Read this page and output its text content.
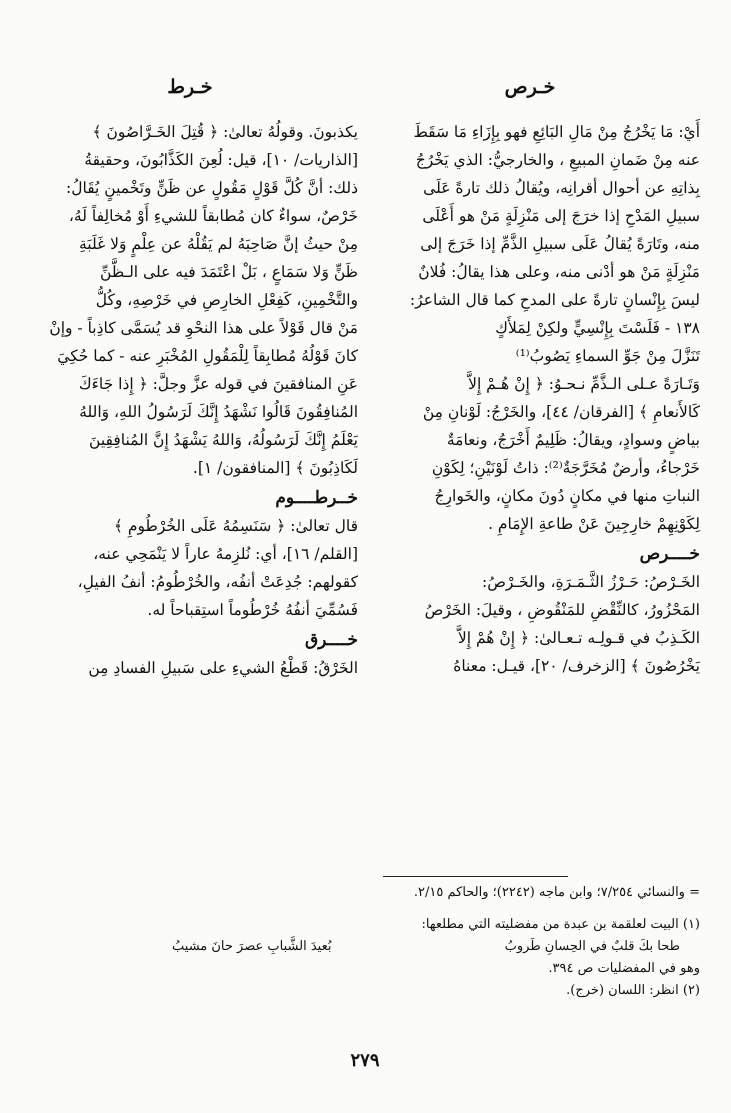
خـرص
خـرط

أَيْ: مَا يَخْرُجُ مِنْ مَالِ البَائِعِ فهو بِإِزَاءِ مَا سَقَطَ

عنه مِنْ ضَمانِ المبيعِ ، والخارجيُّ: الذي يَخْرُجُ

بِذاتِهِ عن أحوال أقرانِه، ويُقالُ ذلك تارةً عَلَى

سبيلِ المَدْحِ إذا خرَجَ إلى مَنْزِلَةٍ مَنْ هو أَعْلَى

منه، وتَارَةً يُقالُ عَلَى سبيلِ الذَّمِّ إذا خَرَجَ إلى

مَنْزِلَةٍ مَنْ هو أدْنى منه، وعلى هذا يقالُ: فُلانٌ

ليسَ بِإِنْسانٍ تارةً على المدحِ كما قال الشاعرُ:

١٣٨ - فَلَسْتَ بِإِنْسِيٍّ ولكِنْ لِمَلأَكٍ

تَنَزَّلَ مِنْ جَوِّ السماءِ يَصُوبُ⁽¹⁾

وَتَـارَةً عـلى الـذَّمِّ نـحـوُ: ﴿ إِنْ هُـمْ إِلاَّ

كَالأَنعامِ ﴾ [الفرقان/ ٤٤]، والخَرْجُ: لَوْنانِ مِنْ

بياضٍ وسوادٍ، ويقالُ: ظَلِيمٌ أَخْرَجُ، ونعامَةٌ

خَرْجاءُ، وأرضٌ مُخَرَّجَةٌ⁽²⁾: ذاتُ لَوْنَيْنِ؛ لِكَوْنِ

النباتِ منها في مكانٍ دُونَ مكانٍ، والخَوارِجُ

لِكَوْنِهِمْ خارِجِينَ عَنْ طاعةِ الإِمَامِ .

خــــرص

الخَـرْصُ: حَـرْزُ الثَّـمَـرَةِ، والخَـرْصُ:

المَحْزُورُ، كالنِّقْضِ للمَنْقُوضِ ، وقيلَ: الخَرْصُ

الكَـذِبُ في قـولِـه تـعـالىٰ: ﴿ إِنْ هُمْ إِلاَّ

يَخْرُصُونَ ﴾ [الزخرف/ ٢٠]، قيـل: معناهُ

يكذبونَ. وقولُهُ تعالىٰ: ﴿ قُتِلَ الخَـرَّاصُونَ ﴾

[الذاريات/ ١٠]، قيل: لُعِنَ الكَذَّابُونَ، وحقيقةُ

ذلك: أنَّ كُلَّ قَوْلٍ مَقُولٍ عن ظَنٍّ وتَخْمينٍ يُقَالُ:

خَرْصٌ، سواءٌ كان مُطابقاً للشيءِ أَوْ مُخالِفاً لَهُ،

مِنْ حيثُ إنَّ صَاحِبَهُ لم يَقُلْهُ عن عِلْمٍ وَلا غَلَبَةِ

ظَنٍّ وَلا سَمَاعٍ ، بَلْ اعْتَمَدَ فيه على الـظَّنِّ

والتَّخْمِينِ، كَفِعْلِ الخارِصِ في خَرْصِهِ، وكُلُّ

مَنْ قال قَوْلاً على هذا النحْوِ قد يُسَمَّى كاذِباً - وإنْ

كانَ قَوْلُهُ مُطابِقاً لِلْمَقُولِ المُخْبَرِ عنه - كما حُكِيَ

عَنِ المنافقينَ في قوله عزَّ وجلَّ: ﴿ إِذا جَاءَكَ

المُنافِقُونَ قَالُوا نَشْهَدُ إِنَّكَ لَرَسُولُ اللهِ، وَاللهُ

يَعْلَمُ إِنَّكَ لَرَسُولُهُ، وَاللهُ يَشْهَدُ إِنَّ المُنافِقِينَ

لَكَاذِبُونَ ﴾ [المنافقون/ ١].

خــرطــــوم

قال تعالىٰ: ﴿ سَنَسِمُهُ عَلَى الخُرْطُومِ ﴾

[القلم/ ١٦]، أي: نُلزِمهُ عاراً لا يَنْمَحِي عنه،

كقولهم: جُدِعَتْ أنفُه، والخُرْطُومُ: أنفُ الفيلِ،

فَسُمِّيَ أنفُهُ خُرْطُوماً استِقباحاً له.

خــــرق

الخَرْقُ: قَطْعُ الشيءِ على سَبيلِ الفسادِ مِن

= والنسائي ٧/٢٥٤؛ وابن ماجه (٢٢٤٢)؛ والحاكم ٢/١٥.

(١) البيت لعلقمة بن عبدة من مفضليته التي مطلعها:

طحا بكَ قلبٌ في الحِسانِ طَروبُ
بُعيدَ الشَّبابِ عصرَ حانَ مشيبُ

وهو في المفضليات ص ٣٩٤.

(٢) انظر: اللسان (خرج).

٢٧٩
